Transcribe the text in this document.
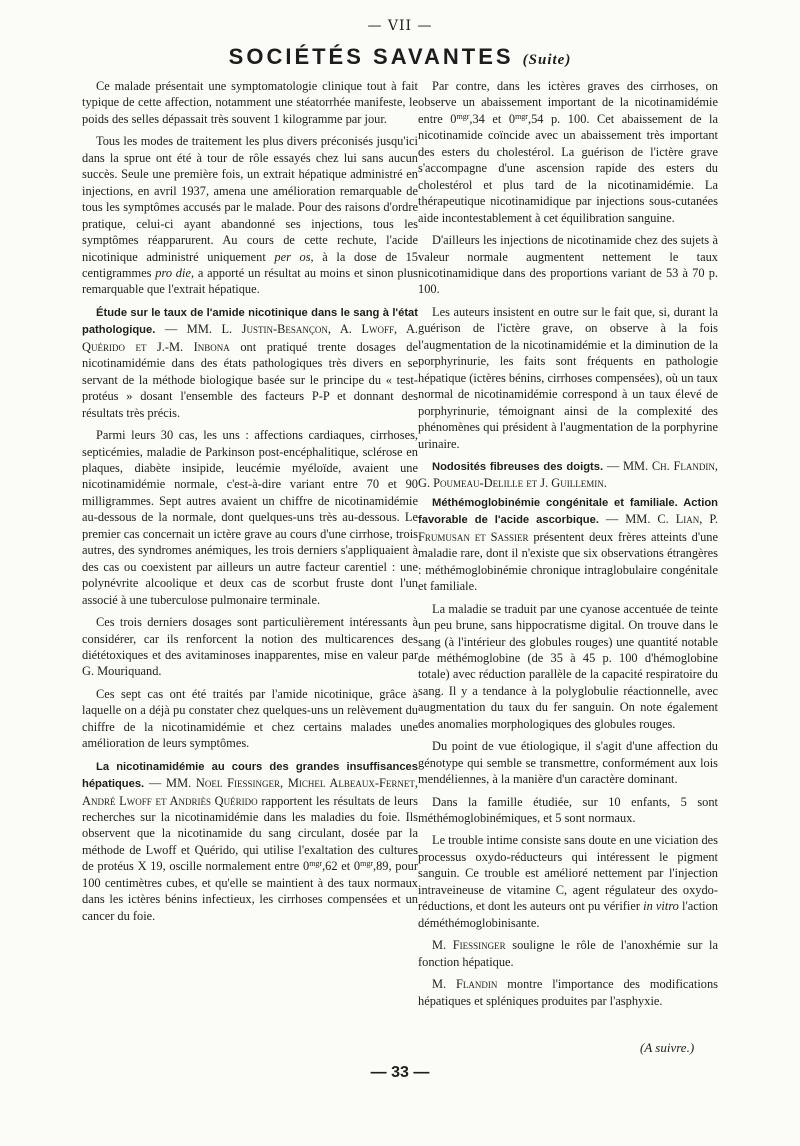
— VII —
SOCIÉTÉS SAVANTES (Suite)

Ce malade présentait une symptomatologie clinique tout à fait typique de cette affection, notamment une stéatorrhée manifeste, le poids des selles dépassait très souvent 1 kilogramme par jour.

Tous les modes de traitement les plus divers préconisés jusqu'ici dans la sprue ont été à tour de rôle essayés chez lui sans aucun succès. Seule une première fois, un extrait hépatique administré en injections, en avril 1937, amena une amélioration remarquable de tous les symptômes accusés par le malade. Pour des raisons d'ordre pratique, celui-ci ayant abandonné ses injections, tous les symptômes réapparurent. Au cours de cette rechute, l'acide nicotinique administré uniquement per os, à la dose de 15 centigrammes pro die, a apporté un résultat au moins et sinon plus remarquable que l'extrait hépatique.

Étude sur le taux de l'amide nicotinique dans le sang à l'état pathologique. — MM. L. Justin-Besançon, A. Lwoff, A. Quérido et J.-M. Inbona ont pratiqué trente dosages de nicotinamidémie dans des états pathologiques très divers en se servant de la méthode biologique basée sur le principe du « test-protéus » dosant l'ensemble des facteurs P-P et donnant des résultats très précis.

Parmi leurs 30 cas, les uns : affections cardiaques, cirrhoses, septicémies, maladie de Parkinson post-encéphalitique, sclérose en plaques, diabète insipide, leucémie myéloïde, avaient une nicotinamidémie normale, c'est-à-dire variant entre 70 et 90 milligrammes. Sept autres avaient un chiffre de nicotinamidémie au-dessous de la normale, dont quelques-uns très au-dessous. Le premier cas concernait un ictère grave au cours d'une cirrhose, trois autres, des syndromes anémiques, les trois derniers s'appliquaient à des cas ou coexistent par ailleurs un autre facteur carentiel : une polynévrite alcoolique et deux cas de scorbut fruste dont l'un associé à une tuberculose pulmonaire terminale.

Ces trois derniers dosages sont particulièrement intéressants à considérer, car ils renforcent la notion des multicarences des diététoxiques et des avitaminoses inapparentes, mise en valeur par G. Mouriquand.

Ces sept cas ont été traités par l'amide nicotinique, grâce à laquelle on a déjà pu constater chez quelques-uns un relèvement du chiffre de la nicotinamidémie et chez certains malades une amélioration de leurs symptômes.

La nicotinamidémie au cours des grandes insuffisances hépatiques. — MM. Noel Fiessinger, Michel Albeaux-Fernet, André Lwoff et Andriès Quérido rapportent les résultats de leurs recherches sur la nicotinamidémie dans les maladies du foie. Ils observent que la nicotinamide du sang circulant, dosée par la méthode de Lwoff et Quérido, qui utilise l'exaltation des cultures de protéus X 19, oscille normalement entre $0^{mgr},62$ et $0^{mgr},89$, pour 100 centimètres cubes, et qu'elle se maintient à des taux normaux dans les ictères bénins infectieux, les cirrhoses compensées et un cancer du foie.

Par contre, dans les ictères graves des cirrhoses, on observe un abaissement important de la nicotinamidémie entre $0^{mgr},34$ et $0^{mgr},54$ p. 100. Cet abaissement de la nicotinamide coïncide avec un abaissement très important des esters du cholestérol. La guérison de l'ictère grave s'accompagne d'une ascension rapide des esters du cholestérol et plus tard de la nicotinamidémie. La thérapeutique nicotinamidique par injections sous-cutanées aide incontestablement à cet équilibration sanguine.

D'ailleurs les injections de nicotinamide chez des sujets à valeur normale augmentent nettement le taux nicotinamidique dans des proportions variant de 53 à 70 p. 100.

Les auteurs insistent en outre sur le fait que, si, durant la guérison de l'ictère grave, on observe à la fois l'augmentation de la nicotinamidémie et la diminution de la porphyrinurie, les faits sont fréquents en pathologie hépatique (ictères bénins, cirrhoses compensées), où un taux normal de nicotinamidémie correspond à un taux élevé de porphyrinurie, témoignant ainsi de la complexité des phénomènes qui président à l'augmentation de la porphyrine urinaire.

Nodosités fibreuses des doigts. — MM. Ch. Flandin, G. Poumeau-Delille et J. Guillemin.

Méthémoglobinémie congénitale et familiale. Action favorable de l'acide ascorbique. — MM. C. Lian, P. Frumusan et Sassier présentent deux frères atteints d'une maladie rare, dont il n'existe que six observations étrangères : méthémoglobinémie chronique intraglobulaire congénitale et familiale.

La maladie se traduit par une cyanose accentuée de teinte un peu brune, sans hippocratisme digital. On trouve dans le sang (à l'intérieur des globules rouges) une quantité notable de méthémoglobine (de 35 à 45 p. 100 d'hémoglobine totale) avec réduction parallèle de la capacité respiratoire du sang. Il y a tendance à la polyglobulie réactionnelle, avec augmentation du taux du fer sanguin. On note également des anomalies morphologiques des globules rouges.

Du point de vue étiologique, il s'agit d'une affection du génotype qui semble se transmettre, conformément aux lois mendéliennes, à la manière d'un caractère dominant.

Dans la famille étudiée, sur 10 enfants, 5 sont méthémoglobinémiques, et 5 sont normaux.

Le trouble intime consiste sans doute en une viciation des processus oxydo-réducteurs qui intéressent le pigment sanguin. Ce trouble est amélioré nettement par l'injection intraveineuse de vitamine C, agent régulateur des oxydo-réductions, et dont les auteurs ont pu vérifier in vitro l'action déméthémoglobinisante.

M. Fiessinger souligne le rôle de l'anoxhémie sur la fonction hépatique.

M. Flandin montre l'importance des modifications hépatiques et spléniques produites par l'asphyxie.

(A suivre.)
— 33 —
